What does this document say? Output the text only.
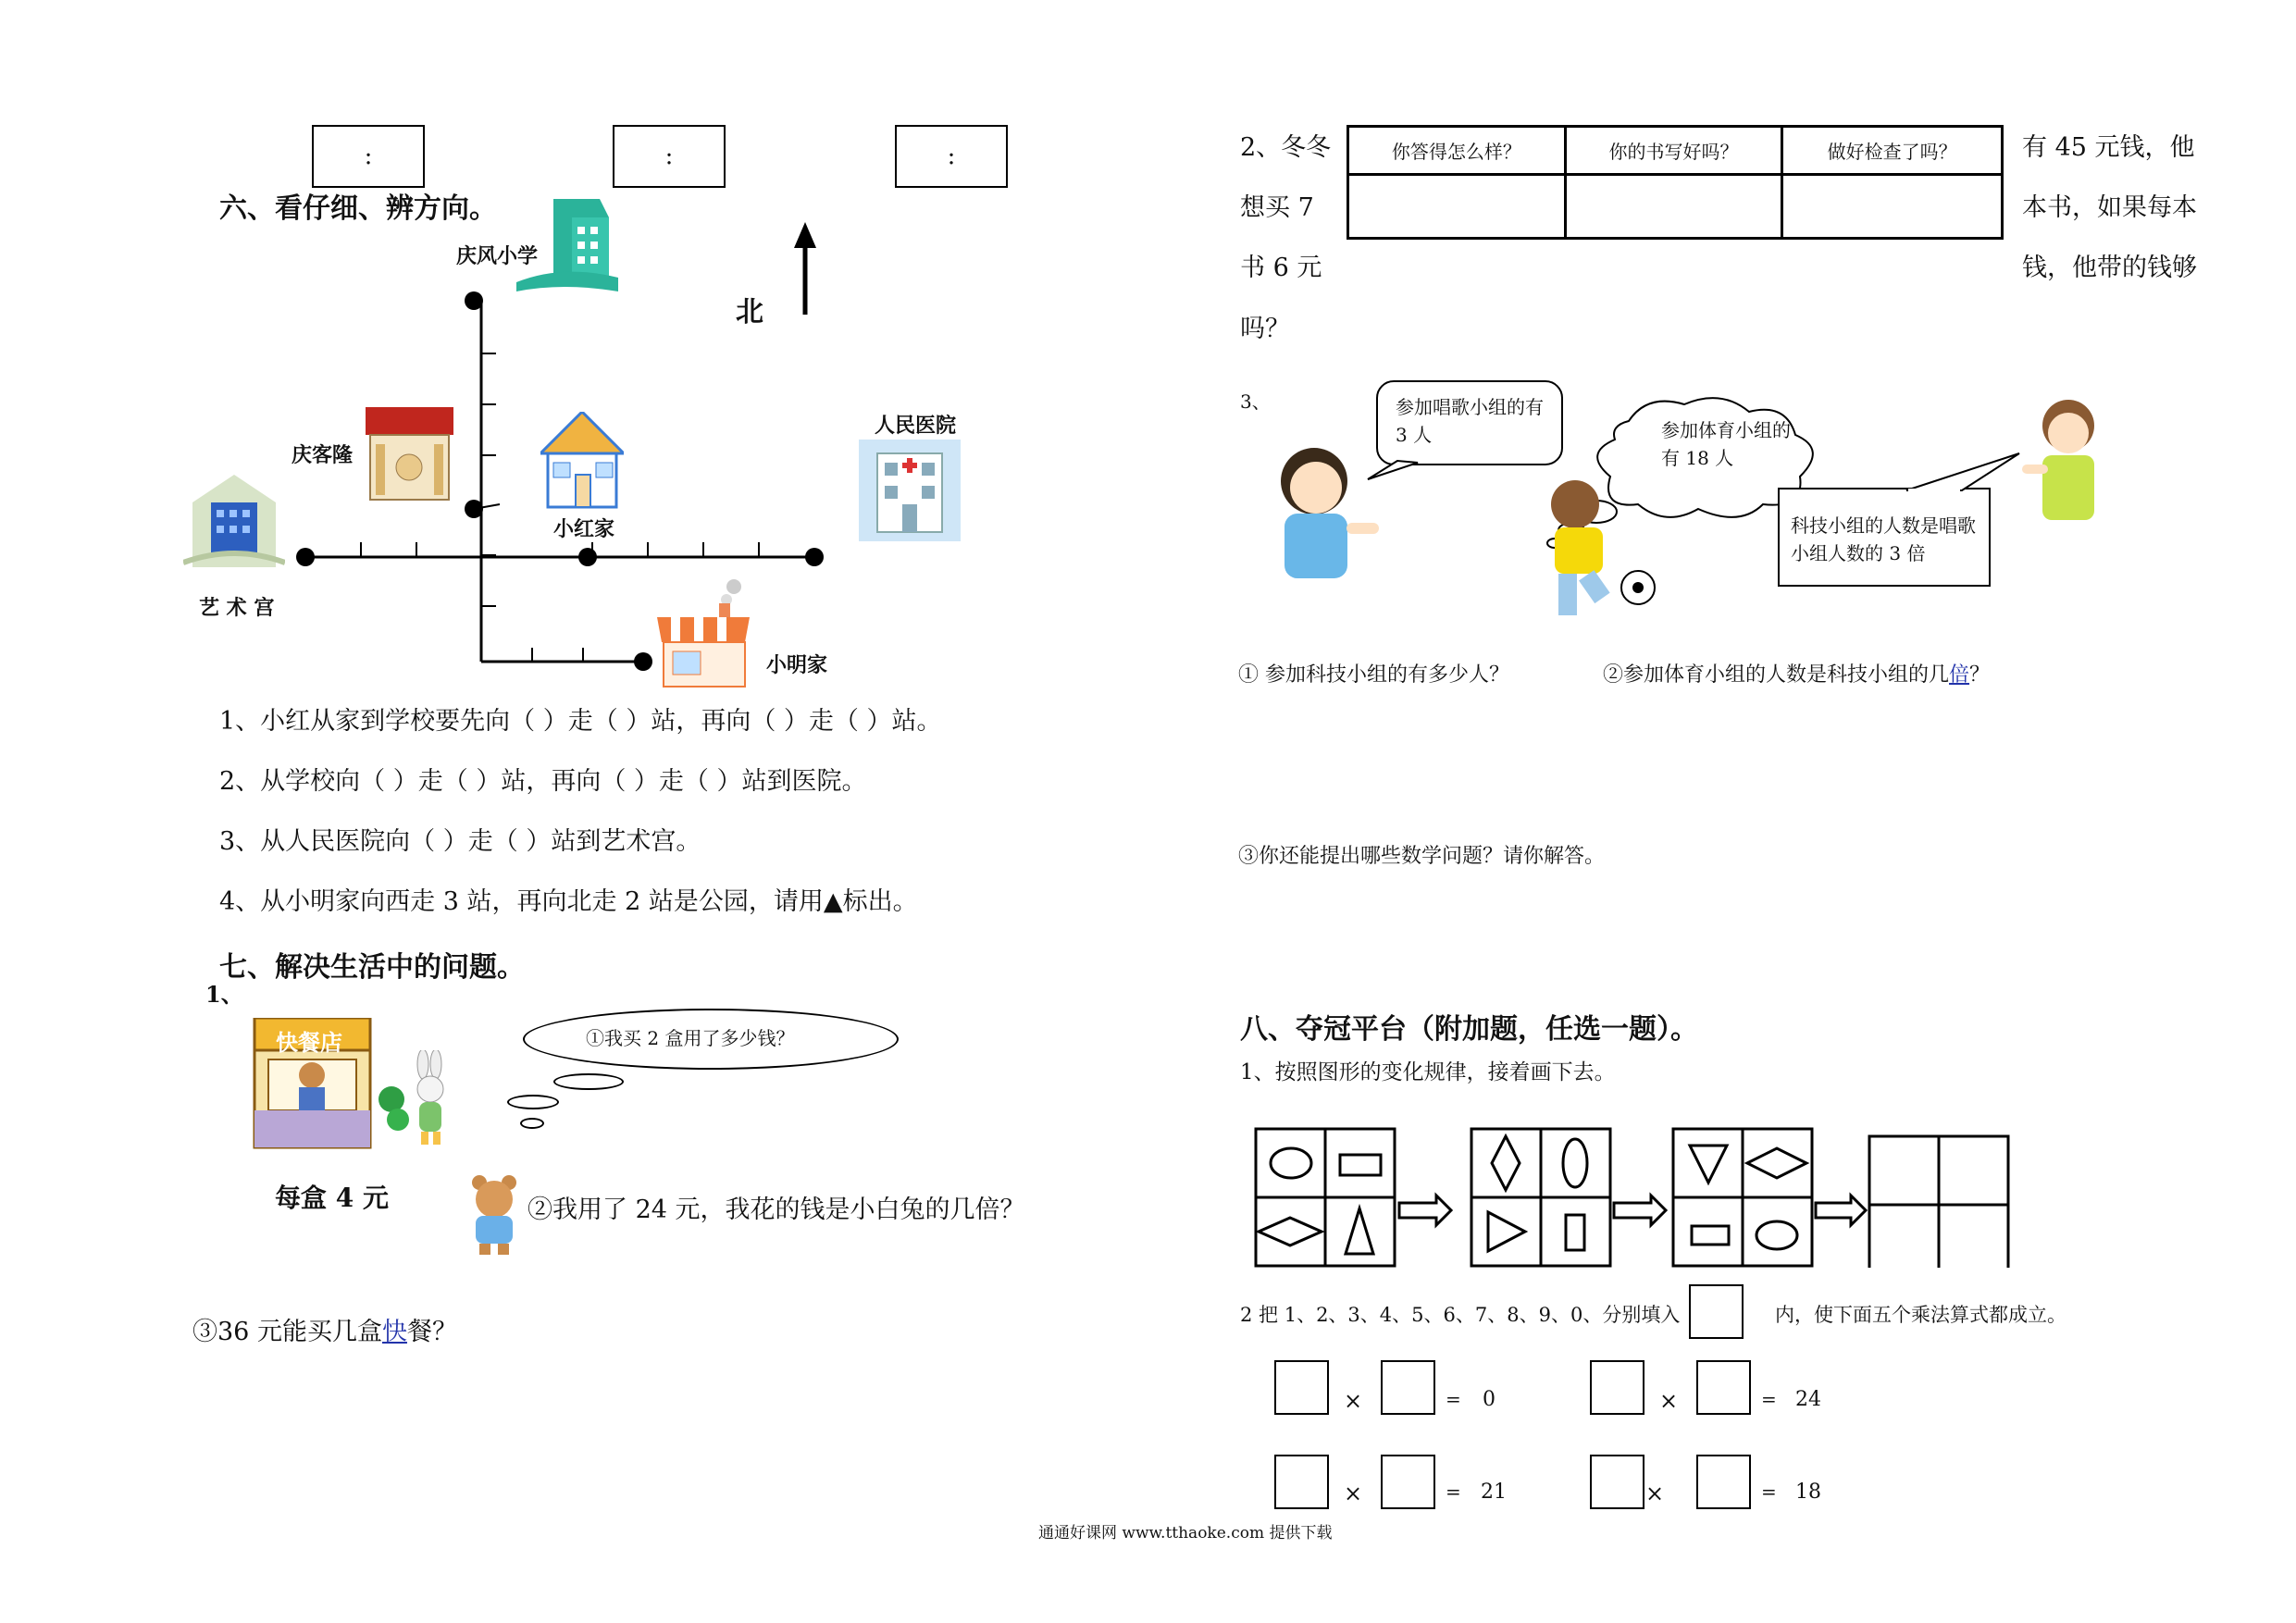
:	:	:
六、看仔细、辨方向。
北
庆风小学
庆客隆
小红家
人民医院
艺 术 宫
小明家
1、小红从家到学校要先向（ ）走（ ）站，再向（ ）走（ ）站。
2、从学校向（ ）走（ ）站，再向（ ）走（ ）站到医院。
3、从人民医院向（ ）走（ ）站到艺术宫。
4、从小明家向西走 3 站，再向北走 2 站是公园，请用▲标出。
七、解决生活中的问题。
1、
快餐店
每盒 4 元
①我买 2 盒用了多少钱？
②我用了 24 元，我花的钱是小白兔的几倍？
③36 元能买几盒快餐？
2、冬冬
想买 7
书 6 元
吗？
有 45 元钱，他
本书，如果每本
钱，他带的钱够
你答得怎么样？	你的书写好吗？	做好检查了吗？
3、	参加唱歌小组的有 3 人	参加体育小组的有 18 人
科技小组的人数是唱歌小组人数的 3 倍
① 参加科技小组的有多少人？	②参加体育小组的人数是科技小组的几倍？
③你还能提出哪些数学问题？请你解答。
八、夺冠平台（附加题，任选一题）。
1、按照图形的变化规律，接着画下去。
2 把 1、2、3、4、5、6、7、8、9、0、分别填入	内，使下面五个乘法算式都成立。
×	= 0	×	= 24
×	= 21	×	= 18
通通好课网 www.tthaoke.com 提供下载
